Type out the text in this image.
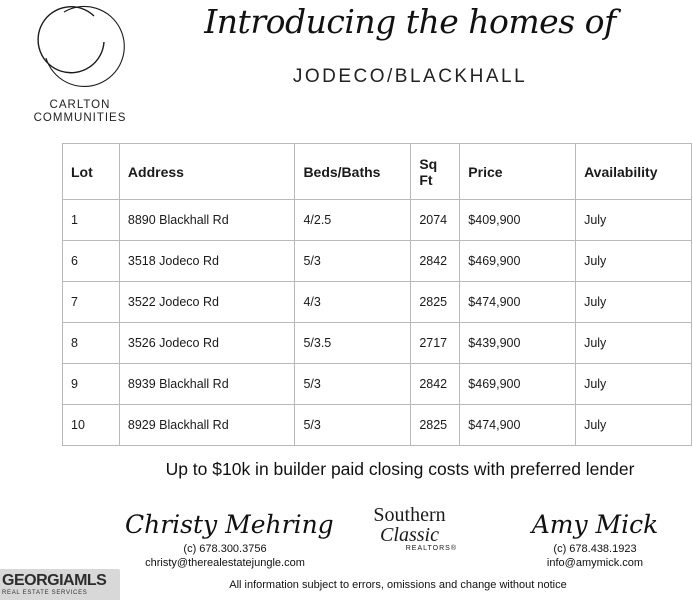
CARLTON
COMMUNITIES
Introducing the homes of
JODECO/BLACKHALL
Lot	Address	Beds/Baths	Sq Ft	Price	Availability
1	8890 Blackhall Rd	4/2.5	2074	$409,900	July
6	3518 Jodeco Rd	5/3	2842	$469,900	July
7	3522 Jodeco Rd	4/3	2825	$474,900	July
8	3526 Jodeco Rd	5/3.5	2717	$439,900	July
9	8939 Blackhall Rd	5/3	2842	$469,900	July
10	8929 Blackhall Rd	5/3	2825	$474,900	July
Up to $10k in builder paid closing costs with preferred lender
Christy Mehring
(c) 678.300.3756
christy@therealestatejungle.com
Southern
Classic
REALTORS®
Amy Mick
(c) 678.438.1923
info@amymick.com
GEORGIAMLS
REAL ESTATE SERVICES
All information subject to errors, omissions and change without notice
